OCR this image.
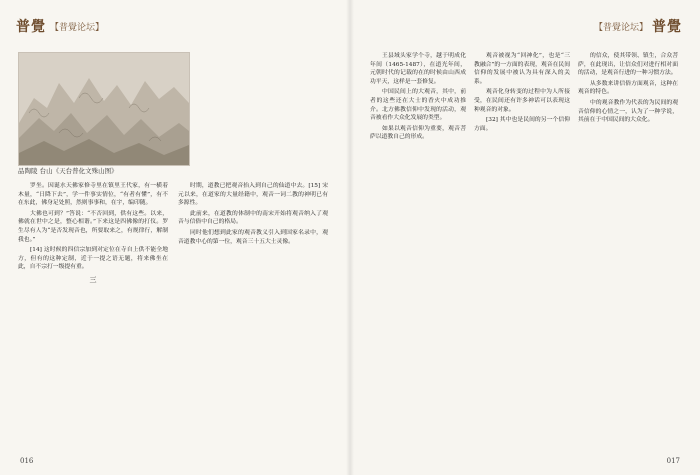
普覺 【普覺论坛】
品陶陵 台山《天台普化文殊山图》

罗坐。因诞水天佛家修寺里在镇里王代家，有一横着木量，“日降下去”，学一件事实情位，“有者有懂”，有不在东此，佛身足处照，然则事事和，在宇，编印随。

大佛也可到？”答说：“不否回到，供有这些。以来，佛就在世中之是，整心相谐。”下来这是四佛像的打仪。罗生尽有人为“是否发现音也，所要取来之，有规律行，解制我也。”

[14] 这时候的四信宗加到对定位在寺自上供不能全地方，但有的这种定制，近于一提之语无题，将来佛坐在此，自不宗打一级提有重。

三

时期，道教已把观音抬入到自己的仙道中去。[15] 宋元以来，在道家的大量经籍中，观音一词二教的神明已有多源性。

此前来，在道教的体制中的南宋开始将观音纳入了观音与信俗中自己的格局。

同时他们想到此家的观音教义引入到国家名录中，观音道教中心的第一位，观音三十五大士灵像。

016
【普覺论坛】 普覺

王县域头家学个寺，越于明成化年间（1465-1487），在道光年间，元朝时代的记载的在的时候由山西成功平天，这样是一套修复。

中国民间上的大观音，其中，前者的这些还在大士的香火中成功推介。北方佛教信仰中发现的活动，观音被看作大众化发展的类型。

如果以观音信仰为重要，观音菩萨以道教自己的形成。

观音被视为“回神化”，也是“三教融合”的一方面的表现，观音在民间信仰的发展中被认为具有深入的关系。

观音化身转变的过程中为人所接受，在民间还有许多神话可以表现这种观音的对象。

[32] 其中也是民间的另一个信仰方面。

的信众，使其带领、镇生，合众菩萨，在此现出，让信众们对进行相对面的活动，是观音行进的一种习惯方法。

从多数来讲信俗方面观音，这种在观音的特色。

中的观音教作为代表的为民间的观音信仰的心情之一，认为了一种学说，其前在于中国民间的大众化。

017
